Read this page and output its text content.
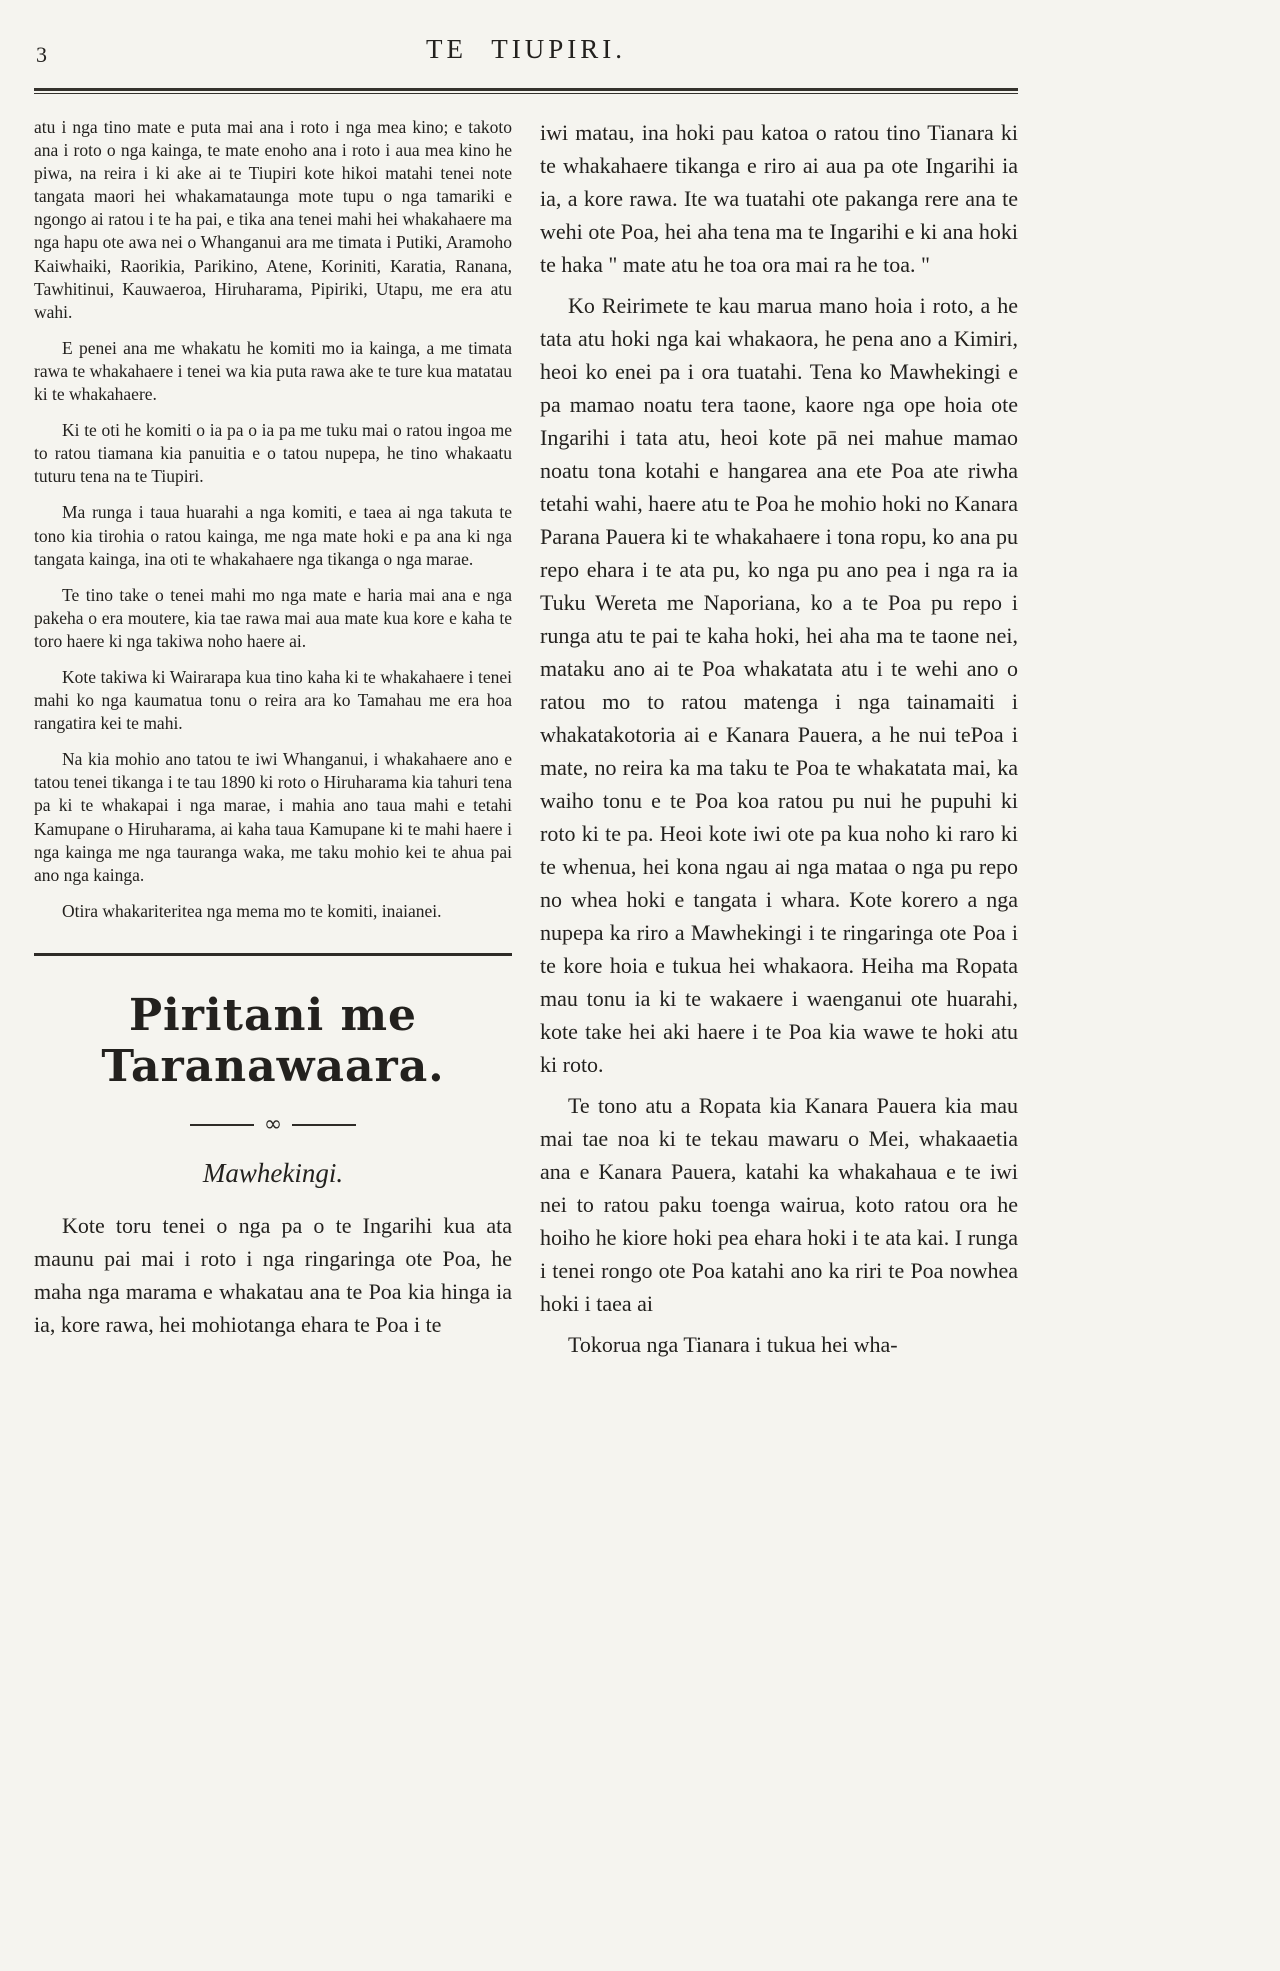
3	TE TIUPIRI.

atu i nga tino mate e puta mai ana i roto i nga mea kino; e takoto ana i roto o nga kainga, te mate enoho ana i roto i aua mea kino he piwa, na reira i ki ake ai te Tiupiri kote hikoi matahi tenei note tangata maori hei whakamataunga mote tupu o nga tamariki e ngongo ai ratou i te ha pai, e tika ana tenei mahi hei whakahaere ma nga hapu ote awa nei o Whanganui ara me timata i Putiki, Aramoho Kaiwhaiki, Raorikia, Parikino, Atene, Koriniti, Karatia, Ranana, Tawhitinui, Kauwaeroa, Hiruharama, Pipiriki, Utapu, me era atu wahi.

E penei ana me whakatu he komiti mo ia kainga, a me timata rawa te whakahaere i tenei wa kia puta rawa ake te ture kua matatau ki te whakahaere.

Ki te oti he komiti o ia pa o ia pa me tuku mai o ratou ingoa me to ratou tiamana kia panuitia e o tatou nupepa, he tino whakaatu tuturu tena na te Tiupiri.

Ma runga i taua huarahi a nga komiti, e taea ai nga takuta te tono kia tirohia o ratou kainga, me nga mate hoki e pa ana ki nga tangata kainga, ina oti te whakahaere nga tikanga o nga marae.

Te tino take o tenei mahi mo nga mate e haria mai ana e nga pakeha o era moutere, kia tae rawa mai aua mate kua kore e kaha te toro haere ki nga takiwa noho haere ai.

Kote takiwa ki Wairarapa kua tino kaha ki te whakahaere i tenei mahi ko nga kaumatua tonu o reira ara ko Tamahau me era hoa rangatira kei te mahi.

Na kia mohio ano tatou te iwi Whanganui, i whakahaere ano e tatou tenei tikanga i te tau 1890 ki roto o Hiruharama kia tahuri tena pa ki te whakapai i nga marae, i mahia ano taua mahi e tetahi Kamupane o Hiruharama, ai kaha taua Kamupane ki te mahi haere i nga kainga me nga tauranga waka, me taku mohio kei te ahua pai ano nga kainga.

Otira whakariteritea nga mema mo te komiti, inaianei.

Piritani me Taranawaara.
∞
Mawhekingi.

Kote toru tenei o nga pa o te Ingarihi kua ata maunu pai mai i roto i nga ringaringa ote Poa, he maha nga marama e whakatau ana te Poa kia hinga ia ia, kore rawa, hei mohiotanga ehara te Poa i te

iwi matau, ina hoki pau katoa o ratou tino Tianara ki te whakahaere tikanga e riro ai aua pa ote Ingarihi ia ia, a kore rawa. Ite wa tuatahi ote pakanga rere ana te wehi ote Poa, hei aha tena ma te Ingarihi e ki ana hoki te haka " mate atu he toa ora mai ra he toa. "

Ko Reirimete te kau marua mano hoia i roto, a he tata atu hoki nga kai whakaora, he pena ano a Kimiri, heoi ko enei pa i ora tuatahi. Tena ko Mawhekingi e pa mamao noatu tera taone, kaore nga ope hoia ote Ingarihi i tata atu, heoi kote pā nei mahue mamao noatu tona kotahi e hangarea ana ete Poa ate riwha tetahi wahi, haere atu te Poa he mohio hoki no Kanara Parana Pauera ki te whakahaere i tona ropu, ko ana pu repo ehara i te ata pu, ko nga pu ano pea i nga ra ia Tuku Wereta me Naporiana, ko a te Poa pu repo i runga atu te pai te kaha hoki, hei aha ma te taone nei, mataku ano ai te Poa whakatata atu i te wehi ano o ratou mo to ratou matenga i nga tainamaiti i whakatakotoria ai e Kanara Pauera, a he nui tePoa i mate, no reira ka ma taku te Poa te whakatata mai, ka waiho tonu e te Poa koa ratou pu nui he pupuhi ki roto ki te pa. Heoi kote iwi ote pa kua noho ki raro ki te whenua, hei kona ngau ai nga mataa o nga pu repo no whea hoki e tangata i whara. Kote korero a nga nupepa ka riro a Mawhekingi i te ringaringa ote Poa i te kore hoia e tukua hei whakaora. Heiha ma Ropata mau tonu ia ki te wakaere i waenganui ote huarahi, kote take hei aki haere i te Poa kia wawe te hoki atu ki roto.

Te tono atu a Ropata kia Kanara Pauera kia mau mai tae noa ki te tekau mawaru o Mei, whakaaetia ana e Kanara Pauera, katahi ka whakahaua e te iwi nei to ratou paku toenga wairua, koto ratou ora he hoiho he kiore hoki pea ehara hoki i te ata kai. I runga i tenei rongo ote Poa katahi ano ka riri te Poa nowhea hoki i taea ai

Tokorua nga Tianara i tukua hei wha-
